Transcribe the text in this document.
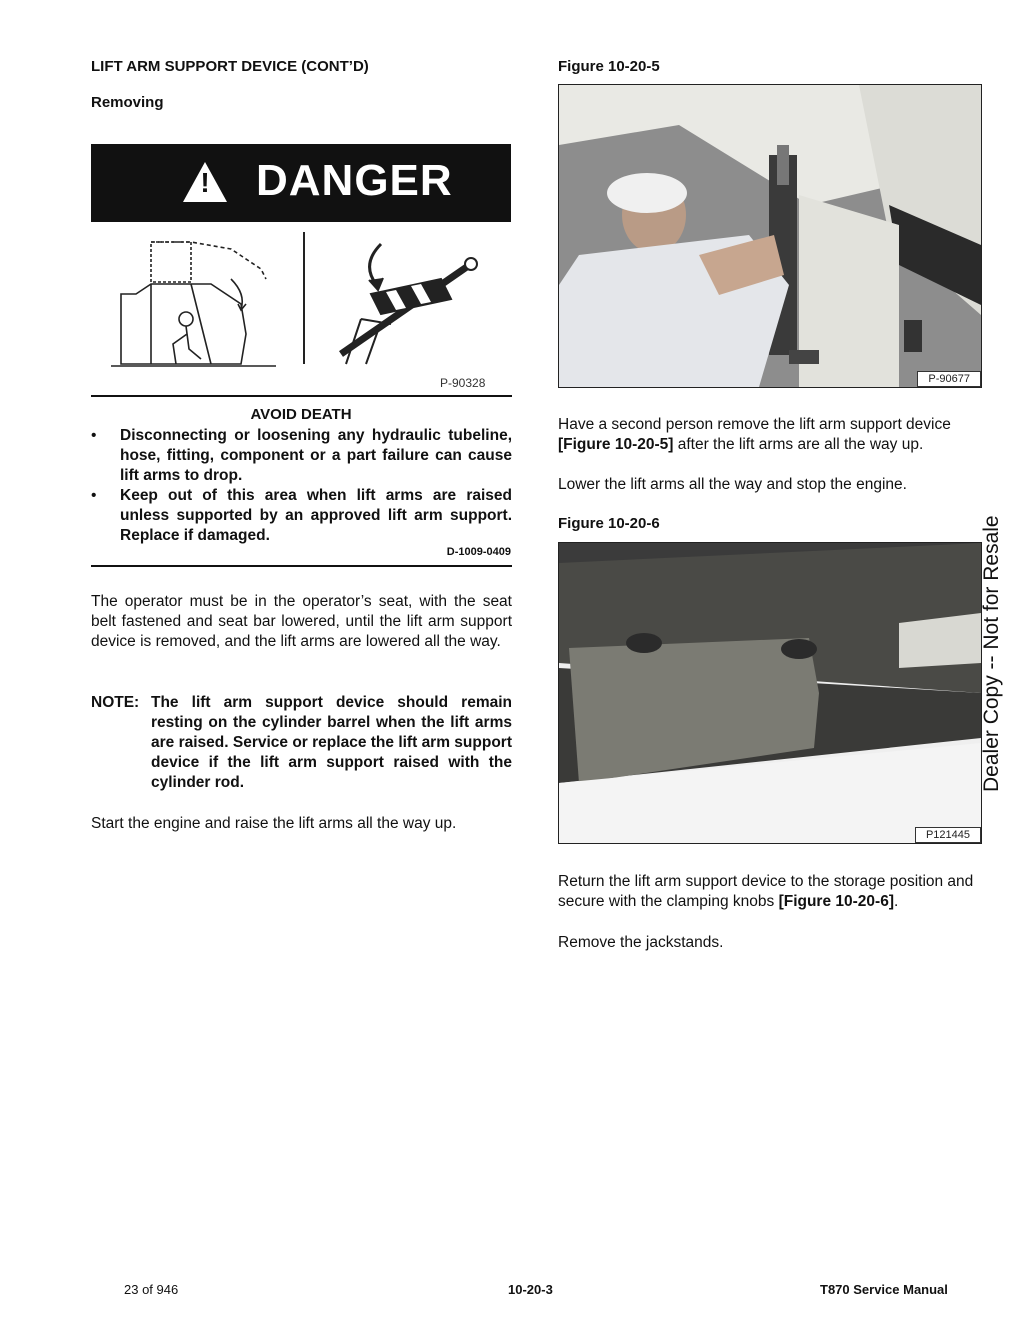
LIFT ARM SUPPORT DEVICE (CONT’D)
Removing
! DANGER
P-90328
AVOID DEATH
• Disconnecting or loosening any hydraulic tubeline, hose, fitting, component or a part failure can cause lift arms to drop.
• Keep out of this area when lift arms are raised unless supported by an approved lift arm support. Replace if damaged.
D-1009-0409
The operator must be in the operator’s seat, with the seat belt fastened and seat bar lowered, until the lift arm support device is removed, and the lift arms are lowered all the way.
NOTE: The lift arm support device should remain resting on the cylinder barrel when the lift arms are raised. Service or replace the lift arm support device if the lift arm support raised with the cylinder rod.
Start the engine and raise the lift arms all the way up.
Figure 10-20-5
P-90677
Have a second person remove the lift arm support device [Figure 10-20-5] after the lift arms are all the way up.
Lower the lift arms all the way and stop the engine.
Figure 10-20-6
P121445
Return the lift arm support device to the storage position and secure with the clamping knobs [Figure 10-20-6].
Remove the jackstands.
Dealer Copy -- Not for Resale
23 of 946	10-20-3	T870 Service Manual
